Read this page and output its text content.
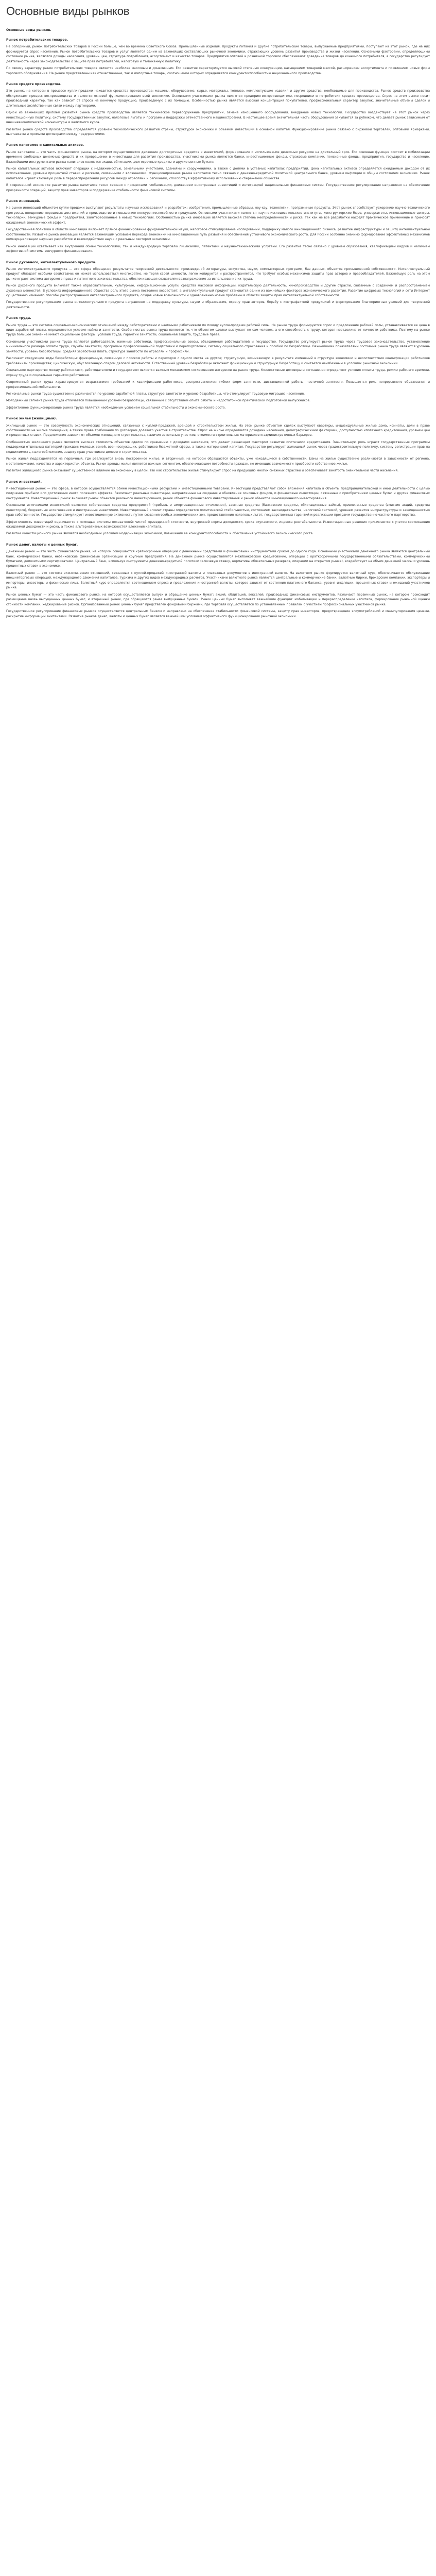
Основные виды рынков
Основные виды рынков.
Рынок потребительских товаров.

Не оспоримый, рынок потребительских товаров в России больше, чем во времена Советского Союза. Промышленные изделия, продукты питания и другие потребительские товары, выпускаемые предприятиями, поступают на этот рынок, где на них формируется спрос населения. Рынок потребительских товаров и услуг является одним из важнейших составляющих рыночной экономики, отражающих уровень развития производства и жизни населения. Основными факторами, определяющими состояние рынка, являются доходы населения, уровень цен, структура потребления, ассортимент и качество товаров. Предприятия оптовой и розничной торговли обеспечивают доведение товаров до конечного потребителя, а государство регулирует деятельность через законодательство о защите прав потребителей, налоговую и таможенную политику.

По своему характеру рынок потребительских товаров является наиболее массовым и динамичным. Его развитие характеризуется высокой степенью конкуренции, насыщением товарной массой, расширением ассортимента и появлением новых форм торгового обслуживания. На рынке представлены как отечественные, так и импортные товары, соотношение которых определяется конкурентоспособностью национального производства.

Рынок средств производства.

Это рынок, на котором в процессе купли-продажи находятся средства производства: машины, оборудование, сырье, материалы, топливо, комплектующие изделия и другие средства, необходимые для производства. Рынок средств производства обслуживает процесс воспроизводства и является основой функционирования всей экономики. Основными участниками рынка являются предприятия-производители, посредники и потребители средств производства. Спрос на этом рынке носит производный характер, так как зависит от спроса на конечную продукцию, производимую с их помощью. Особенностью рынка является высокая концентрация покупателей, профессиональный характер закупок, значительные объемы сделок и длительные хозяйственные связи между партнерами.

Одной из важнейших проблем развития рынка средств производства является техническое перевооружение предприятий, замена изношенного оборудования, внедрение новых технологий. Государство воздействует на этот рынок через инвестиционную политику, систему государственных закупок, налоговые льготы и программы поддержки отечественного машиностроения. В настоящее время значительная часть оборудования закупается за рубежом, что делает рынок зависимым от внешнеэкономической конъюнктуры и валютного курса.

Развитие рынка средств производства определяется уровнем технологического развития страны, структурой экономики и объемом инвестиций в основной капитал. Функционирование рынка связано с биржевой торговлей, оптовыми ярмарками, выставками и прямыми договорами между предприятиями.

Рынок капиталов и капитальных активов.

Рынок капиталов — это часть финансового рынка, на котором осуществляется движение долгосрочных кредитов и инвестиций, формирование и использование денежных ресурсов на длительный срок. Его основная функция состоит в мобилизации временно свободных денежных средств и их превращении в инвестиции для развития производства. Участниками рынка являются банки, инвестиционные фонды, страховые компании, пенсионные фонды, предприятия, государство и население. Важнейшими инструментами рынка капиталов являются акции, облигации, долгосрочные кредиты и другие ценные бумаги.

Рынок капитальных активов включает операции с недвижимостью, земельными участками, зданиями и сооружениями, а также с долями в уставных капиталах предприятий. Цена капитальных активов определяется ожидаемым доходом от их использования, уровнем процентной ставки и рисками, связанными с вложениями. Функционирование рынка капиталов тесно связано с денежно-кредитной политикой центрального банка, уровнем инфляции и общим состоянием экономики. Рынок капиталов играет ключевую роль в перераспределении ресурсов между отраслями и регионами, способствуя эффективному использованию сбережений общества.

В современной экономике развитие рынка капиталов тесно связано с процессами глобализации, движением иностранных инвестиций и интеграцией национальных финансовых систем. Государственное регулирование направлено на обеспечение прозрачности операций, защиту прав инвесторов и поддержание стабильности финансовой системы.

Рынок инноваций.

На рынке инноваций объектом купли-продажи выступают результаты научных исследований и разработок: изобретения, промышленные образцы, ноу-хау, технологии, программные продукты. Этот рынок способствует ускорению научно-технического прогресса, внедрению передовых достижений в производство и повышению конкурентоспособности продукции. Основными участниками являются научно-исследовательские институты, конструкторские бюро, университеты, инновационные центры, технопарки, венчурные фонды и предприятия, заинтересованные в новых технологиях. Особенностью рынка инноваций является высокая степень неопределенности и риска, так как не все разработки находят практическое применение и приносят ожидаемый экономический эффект.

Государственная политика в области инноваций включает прямое финансирование фундаментальной науки, налоговое стимулирование исследований, поддержку малого инновационного бизнеса, развитие инфраструктуры и защиту интеллектуальной собственности. Развитие рынка инноваций является важнейшим условием перехода экономики на инновационный путь развития и обеспечения устойчивого экономического роста. Для России особенно значимо формирование эффективных механизмов коммерциализации научных разработок и взаимодействия науки с реальным сектором экономики.

Рынок инноваций охватывает как внутренний обмен технологиями, так и международную торговлю лицензиями, патентами и научно-техническими услугами. Его развитие тесно связано с уровнем образования, квалификацией кадров и наличием эффективной системы венчурного финансирования.

Рынок духовного, интеллектуального продукта.

Рынок интеллектуального продукта — это сфера обращения результатов творческой деятельности: произведений литературы, искусства, науки, компьютерных программ, баз данных, объектов промышленной собственности. Интеллектуальный продукт обладает особыми свойствами: он может использоваться многократно, не теряя своей ценности, легко копируется и распространяется, что требует особых механизмов защиты прав авторов и правообладателей. Важнейшую роль на этом рынке играет система авторского права и патентного законодательства, обеспечивающая создателям вознаграждение за использование их труда.

Рынок духовного продукта включает также образовательные, культурные, информационные услуги, средства массовой информации, издательскую деятельность, кинопроизводство и другие отрасли, связанные с созданием и распространением духовных ценностей. В условиях информационного общества роль этого рынка постоянно возрастает, а интеллектуальный продукт становится одним из важнейших факторов экономического развития. Развитие цифровых технологий и сети Интернет существенно изменило способы распространения интеллектуального продукта, создав новые возможности и одновременно новые проблемы в области защиты прав интеллектуальной собственности.

Государственное регулирование рынка интеллектуального продукта направлено на поддержку культуры, науки и образования, охрану прав авторов, борьбу с контрафактной продукцией и формирование благоприятных условий для творческой деятельности.

Рынок труда.

Рынок труда — это система социально-экономических отношений между работодателями и наемными работниками по поводу купли-продажи рабочей силы. На рынке труда формируются спрос и предложение рабочей силы, устанавливается ее цена в виде заработной платы, определяются условия найма и занятости. Особенностью рынка труда является то, что объектом сделки выступает не сам человек, а его способность к труду, которая неотделима от личности работника. Поэтому на рынке труда большое значение имеют социальные факторы: условия труда, гарантии занятости, социальная защита, трудовые права.

Основными участниками рынка труда являются работодатели, наемные работники, профессиональные союзы, объединения работодателей и государство. Государство регулирует рынок труда через трудовое законодательство, установление минимального размера оплаты труда, службы занятости, программы профессиональной подготовки и переподготовки, систему социального страхования и пособий по безработице. Важнейшими показателями состояния рынка труда являются уровень занятости, уровень безработицы, средняя заработная плата, структура занятости по отраслям и профессиям.

Различают следующие виды безработицы: фрикционную, связанную с поиском работы и переходом с одного места на другое; структурную, возникающую в результате изменений в структуре экономики и несоответствия квалификации работников требованиям производства; циклическую, обусловленную спадом деловой активности. Естественный уровень безработицы включает фрикционную и структурную безработицу и считается неизбежным в условиях рыночной экономики.

Социальное партнерство между работниками, работодателями и государством является важным механизмом согласования интересов на рынке труда. Коллективные договоры и соглашения определяют условия оплаты труда, режим рабочего времени, охрану труда и социальные гарантии работникам.

Современный рынок труда характеризуется возрастанием требований к квалификации работников, распространением гибких форм занятости, дистанционной работы, частичной занятости. Повышается роль непрерывного образования и профессиональной мобильности.

Региональные рынки труда существенно различаются по уровню заработной платы, структуре занятости и уровню безработицы, что стимулирует трудовую миграцию населения.

Молодежный сегмент рынка труда отличается повышенным уровнем безработицы, связанным с отсутствием опыта работы и недостаточной практической подготовкой выпускников.

Эффективное функционирование рынка труда является необходимым условием социальной стабильности и экономического роста.

Рынок жилья (жилищный).

Жилищный рынок — это совокупность экономических отношений, связанных с куплей-продажей, арендой и строительством жилья. На этом рынке объектом сделок выступают квартиры, индивидуальные жилые дома, комнаты, доли в праве собственности на жилые помещения, а также права требования по договорам долевого участия в строительстве. Спрос на жилье определяется доходами населения, демографическими факторами, доступностью ипотечного кредитования, уровнем цен и процентных ставок. Предложение зависит от объемов жилищного строительства, наличия земельных участков, стоимости строительных материалов и административных барьеров.

Особенностью жилищного рынка является высокая стоимость объектов сделок по сравнению с доходами населения, что делает решающим фактором развитие ипотечного кредитования. Значительную роль играют государственные программы поддержки отдельных категорий граждан: молодых семей, военнослужащих, работников бюджетной сферы, а также материнский капитал. Государство регулирует жилищный рынок через градостроительную политику, систему регистрации прав на недвижимость, налогообложение, защиту прав участников долевого строительства.

Рынок жилья подразделяется на первичный, где реализуется вновь построенное жилье, и вторичный, на котором обращаются объекты, уже находящиеся в собственности. Цены на жилье существенно различаются в зависимости от региона, местоположения, качества и характеристик объекта. Рынок аренды жилья является важным сегментом, обеспечивающим потребности граждан, не имеющих возможности приобрести собственное жилье.

Развитие жилищного рынка оказывает существенное влияние на экономику в целом, так как строительство жилья стимулирует спрос на продукцию многих смежных отраслей и обеспечивает занятость значительной части населения.

Рынок инвестиций.

Инвестиционный рынок — это сфера, в которой осуществляется обмен инвестиционными ресурсами и инвестиционными товарами. Инвестиции представляют собой вложения капитала в объекты предпринимательской и иной деятельности с целью получения прибыли или достижения иного полезного эффекта. Различают реальные инвестиции, направленные на создание и обновление основных фондов, и финансовые инвестиции, связанные с приобретением ценных бумаг и других финансовых инструментов. Инвестиционный рынок включает рынок объектов реального инвестирования, рынок объектов финансового инвестирования и рынок объектов инновационного инвестирования.

Основными источниками инвестиций являются собственные средства предприятий (прибыль и амортизационные отчисления), заемные средства (банковские кредиты, облигационные займы), привлеченные средства (эмиссия акций, средства инвесторов), бюджетные ассигнования и иностранные инвестиции. Инвестиционный климат страны определяется политической стабильностью, состоянием законодательства, налоговой системой, уровнем развития инфраструктуры и защищенностью прав собственности. Государство стимулирует инвестиционную активность путем создания особых экономических зон, предоставления налоговых льгот, государственных гарантий и реализации программ государственно-частного партнерства.

Эффективность инвестиций оценивается с помощью системы показателей: чистой приведенной стоимости, внутренней нормы доходности, срока окупаемости, индекса рентабельности. Инвестиционные решения принимаются с учетом соотношения ожидаемой доходности и риска, а также альтернативных возможностей вложения капитала.

Развитие инвестиционного рынка является необходимым условием модернизации экономики, повышения ее конкурентоспособности и обеспечения устойчивого экономического роста.

Рынок денег, валюты и ценных бумаг.

Денежный рынок — это часть финансового рынка, на котором совершаются краткосрочные операции с денежными средствами и финансовыми инструментами сроком до одного года. Основными участниками денежного рынка являются центральный банк, коммерческие банки, небанковские финансовые организации и крупные предприятия. На денежном рынке осуществляется межбанковское кредитование, операции с краткосрочными государственными обязательствами, коммерческими бумагами, депозитными сертификатами. Центральный банк, используя инструменты денежно-кредитной политики (ключевую ставку, нормативы обязательных резервов, операции на открытом рынке), воздействует на объем денежной массы и уровень процентных ставок в экономике.

Валютный рынок — это система экономических отношений, связанных с куплей-продажей иностранной валюты и платежных документов в иностранной валюте. На валютном рынке формируется валютный курс, обеспечивается обслуживание внешнеторговых операций, международного движения капиталов, туризма и других видов международных расчетов. Участниками валютного рынка являются центральные и коммерческие банки, валютные биржи, брокерские компании, экспортеры и импортеры, инвесторы и физические лица. Валютный курс определяется соотношением спроса и предложения иностранной валюты, которое зависит от состояния платежного баланса, уровня инфляции, процентных ставок и ожиданий участников рынка.

Рынок ценных бумаг — это часть финансового рынка, на которой осуществляется выпуск и обращение ценных бумаг: акций, облигаций, векселей, производных финансовых инструментов. Различают первичный рынок, на котором происходит размещение вновь выпущенных ценных бумаг, и вторичный рынок, где обращаются ранее выпущенные бумаги. Рынок ценных бумаг выполняет важнейшие функции: мобилизацию и перераспределение капитала, формирование рыночной оценки стоимости компаний, хеджирование рисков. Организованный рынок ценных бумаг представлен фондовыми биржами, где торговля осуществляется по установленным правилам с участием профессиональных участников рынка.

Государственное регулирование финансовых рынков осуществляется центральным банком и направлено на обеспечение стабильности финансовой системы, защиту прав инвесторов, предотвращение злоупотреблений и манипулирования ценами, раскрытие информации эмитентами. Развитие рынков денег, валюты и ценных бумаг является важнейшим условием эффективного функционирования рыночной экономики.
